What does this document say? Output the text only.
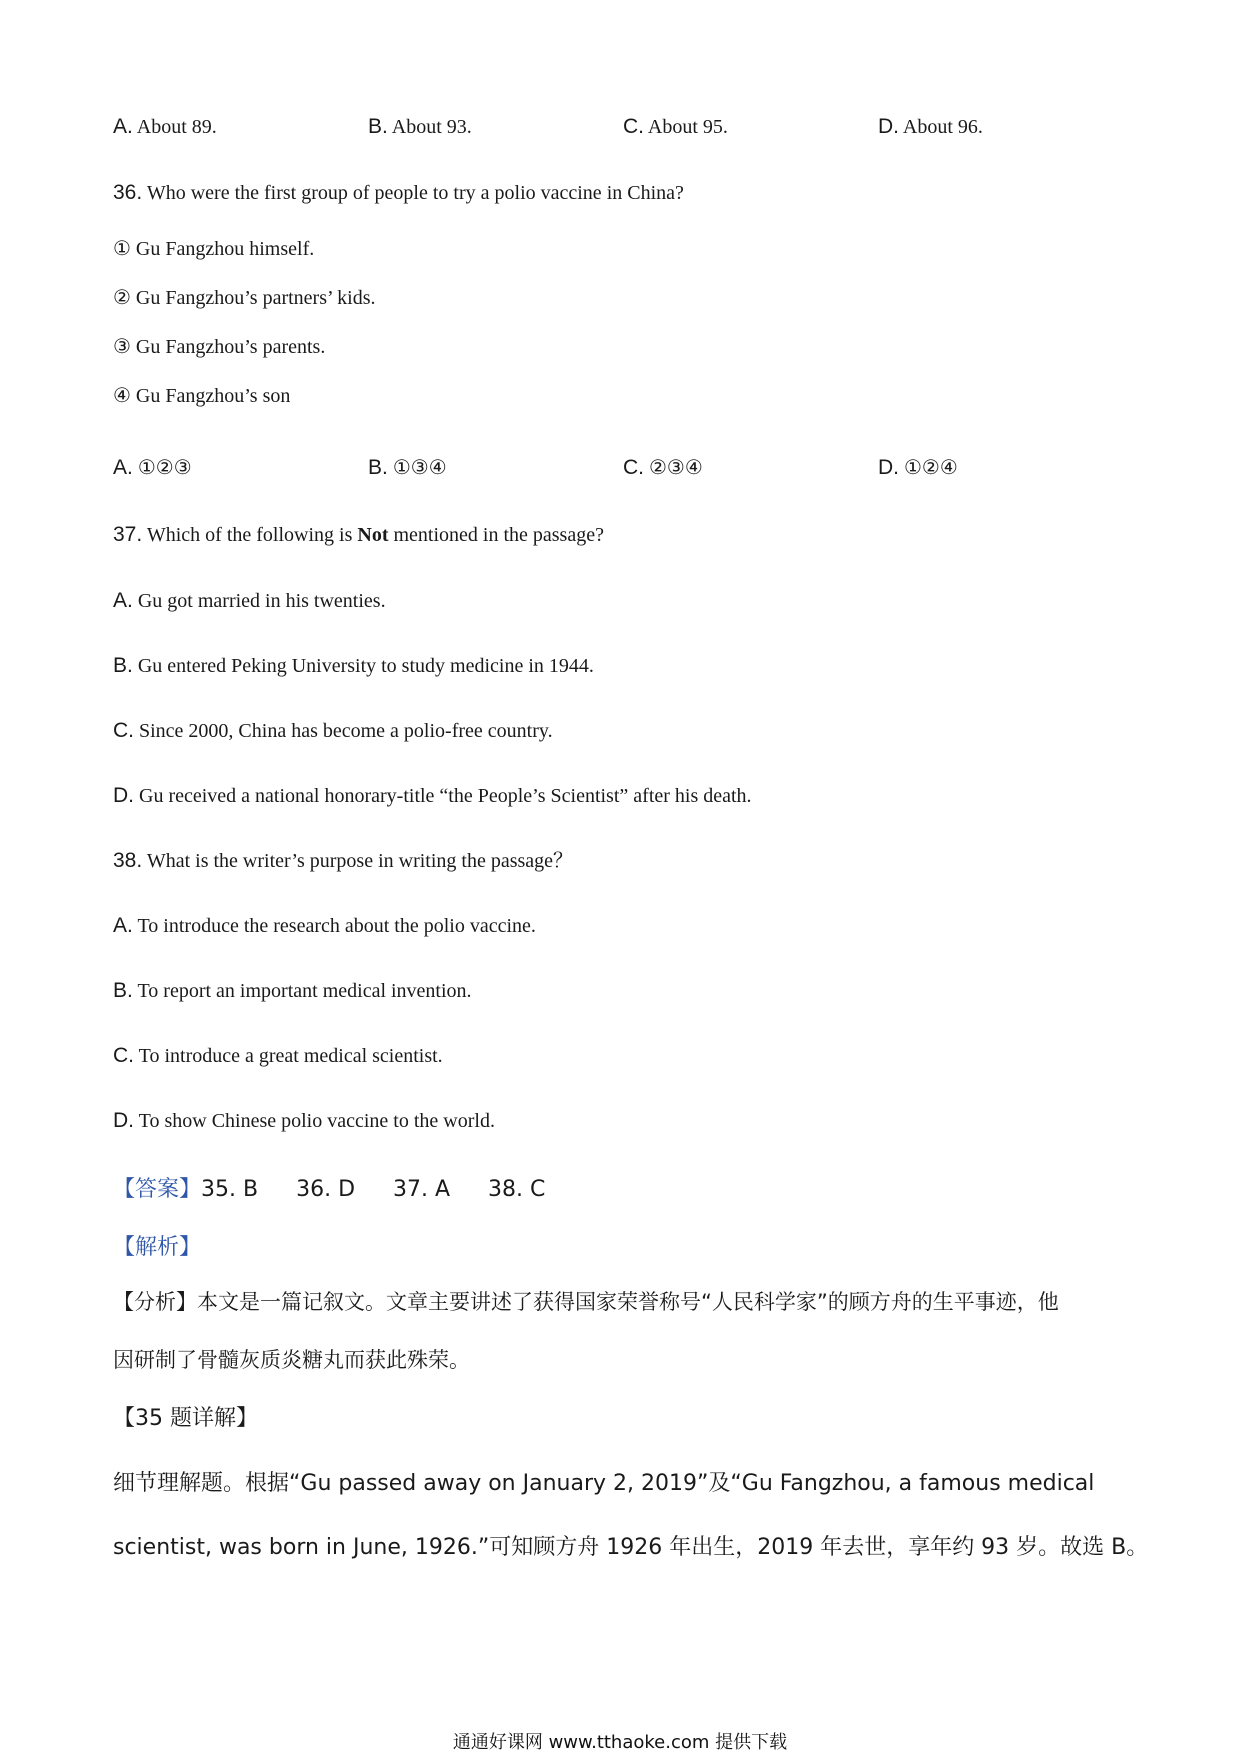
A. About 89.	B. About 93.	C. About 95.	D. About 96.
36. Who were the first group of people to try a polio vaccine in China?
① Gu Fangzhou himself.
② Gu Fangzhou’s partners’ kids.
③ Gu Fangzhou’s parents.
④ Gu Fangzhou’s son
A. ①②③	B. ①③④	C. ②③④	D. ①②④
37. Which of the following is Not mentioned in the passage?
A. Gu got married in his twenties.
B. Gu entered Peking University to study medicine in 1944.
C. Since 2000, China has become a polio-free country.
D. Gu received a national honorary-title “the People’s Scientist” after his death.
38. What is the writer’s purpose in writing the passage？
A. To introduce the research about the polio vaccine.
B. To report an important medical invention.
C. To introduce a great medical scientist.
D. To show Chinese polio vaccine to the world.
【答案】35. B 36. D 37. A 38. C
【解析】
【分析】本文是一篇记叙文。文章主要讲述了获得国家荣誉称号“人民科学家”的顾方舟的生平事迹，他
因研制了骨髓灰质炎糖丸而获此殊荣。
【35 题详解】
细节理解题。根据“Gu passed away on January 2, 2019”及“Gu Fangzhou, a famous medical
scientist, was born in June, 1926.”可知顾方舟 1926 年出生，2019 年去世，享年约 93 岁。故选 B。
通通好课网 www.tthaoke.com 提供下载
